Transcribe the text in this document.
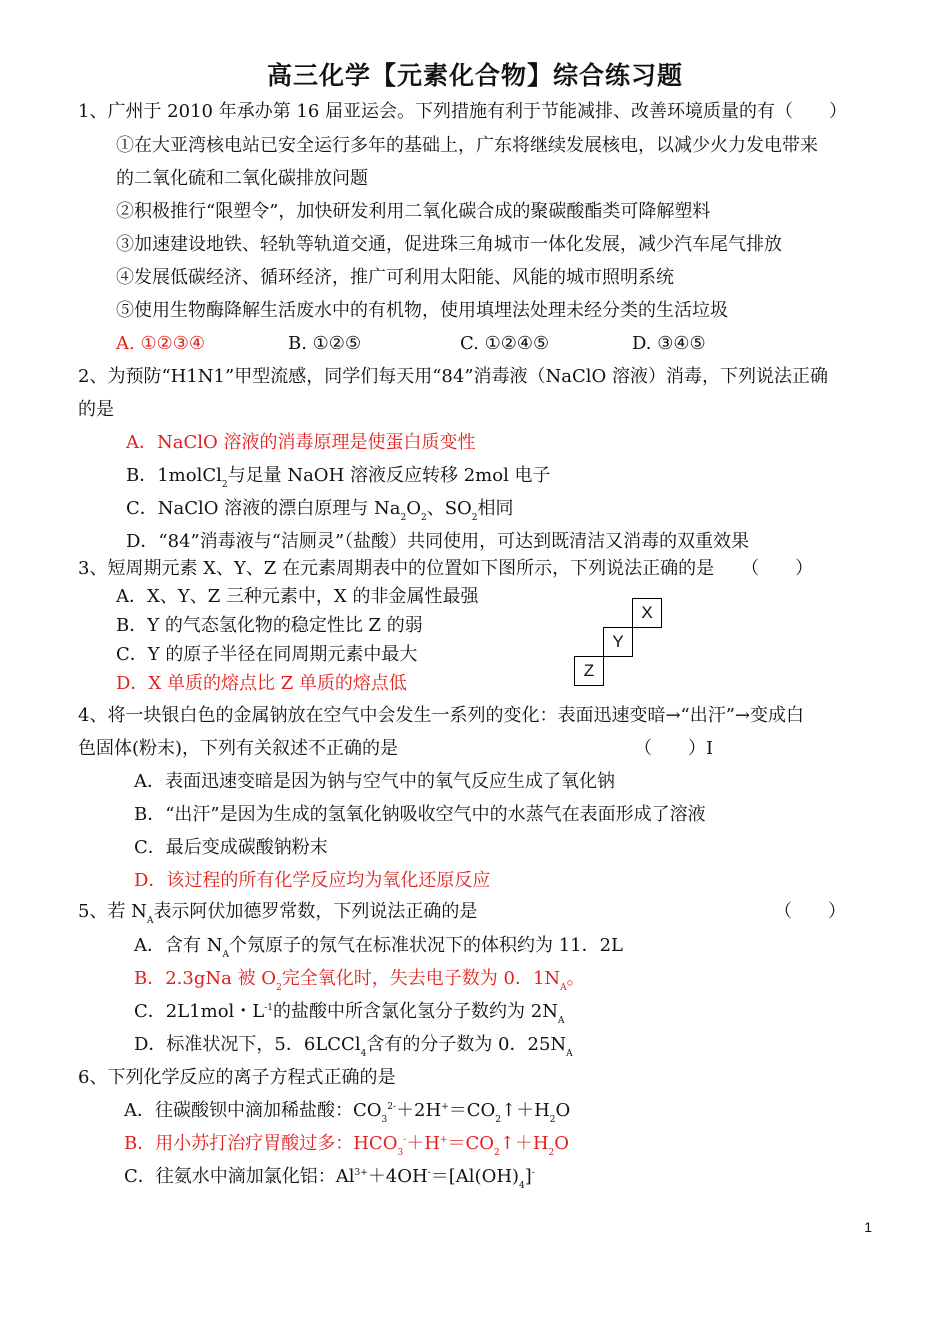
高三化学【元素化合物】综合练习题
1、广州于 2010 年承办第 16 届亚运会。下列措施有利于节能减排、改善环境质量的有（　　）
①在大亚湾核电站已安全运行多年的基础上，广东将继续发展核电，以减少火力发电带来
的二氧化硫和二氧化碳排放问题
②积极推行“限塑令”，加快研发利用二氧化碳合成的聚碳酸酯类可降解塑料
③加速建设地铁、轻轨等轨道交通，促进珠三角城市一体化发展，减少汽车尾气排放
④发展低碳经济、循环经济，推广可利用太阳能、风能的城市照明系统
⑤使用生物酶降解生活废水中的有机物，使用填埋法处理未经分类的生活垃圾
A. ①②③④	B. ①②⑤	C. ①②④⑤	D. ③④⑤
2、为预防“H1N1”甲型流感，同学们每天用“84”消毒液（NaClO 溶液）消毒，下列说法正确
的是
A．NaClO 溶液的消毒原理是使蛋白质变性
B．1molCl$_2$与足量 NaOH 溶液反应转移 2mol 电子
C．NaClO 溶液的漂白原理与 $Na_2O_2$、$SO_2$相同
D．“84”消毒液与“洁厕灵”（盐酸）共同使用，可达到既清洁又消毒的双重效果
3、短周期元素 X、Y、Z 在元素周期表中的位置如下图所示，下列说法正确的是　　（　　）
A．X、Y、Z 三种元素中，X 的非金属性最强
B．Y 的气态氢化物的稳定性比 Z 的弱
C．Y 的原子半径在同周期元素中最大
D．X 单质的熔点比 Z 单质的熔点低
X
Y
Z
4、将一块银白色的金属钠放在空气中会发生一系列的变化：表面迅速变暗→“出汗”→变成白
色固体(粉末)，下列有关叙述不正确的是	（　　）I
A．表面迅速变暗是因为钠与空气中的氧气反应生成了氧化钠
B．“出汗”是因为生成的氢氧化钠吸收空气中的水蒸气在表面形成了溶液
C．最后变成碳酸钠粉末
D．该过程的所有化学反应均为氧化还原反应
5、若 $N_A$表示阿伏加德罗常数，下列说法正确的是	（　　）
A．含有 $N_A$个氖原子的氖气在标准状况下的体积约为 11．2L
B．2.3gNa 被 $O_2$完全氧化时，失去电子数为 0．$1N_A$。
C．2L1mol・$L^{-1}$的盐酸中所含氯化氢分子数约为 $2N_A$
D．标准状况下，5．6LCCl$_4$含有的分子数为 0．$25N_A$
6、下列化学反应的离子方程式正确的是
A．往碳酸钡中滴加稀盐酸：$CO_3^{2-}+2H^+=CO_2↑+H_2O$
B．用小苏打治疗胃酸过多：$HCO_3^-+H^+=CO_2↑+H_2O$
C．往氨水中滴加氯化铝：$Al^{3+}+4OH^-=[Al(OH)_4]^-$
1
